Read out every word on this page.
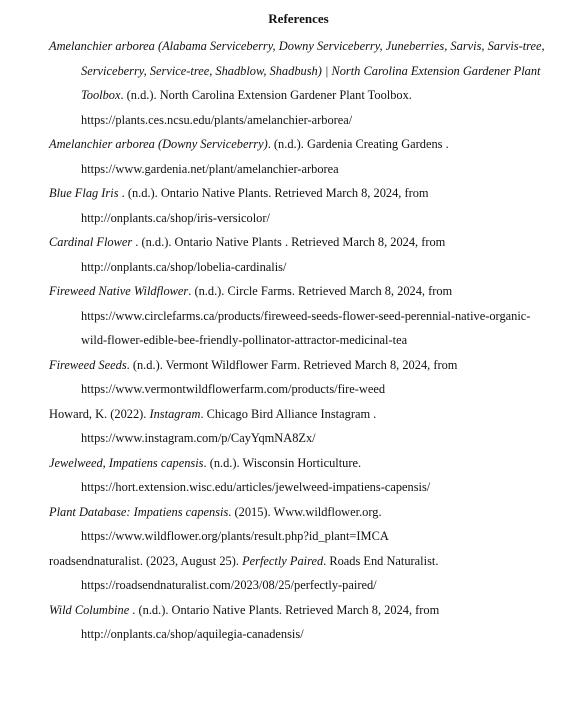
References
Amelanchier arborea (Alabama Serviceberry, Downy Serviceberry, Juneberries, Sarvis, Sarvis-tree, Serviceberry, Service-tree, Shadblow, Shadbush) | North Carolina Extension Gardener Plant Toolbox. (n.d.). North Carolina Extension Gardener Plant Toolbox. https://plants.ces.ncsu.edu/plants/amelanchier-arborea/
Amelanchier arborea (Downy Serviceberry). (n.d.). Gardenia Creating Gardens . https://www.gardenia.net/plant/amelanchier-arborea
Blue Flag Iris . (n.d.). Ontario Native Plants. Retrieved March 8, 2024, from http://onplants.ca/shop/iris-versicolor/
Cardinal Flower . (n.d.). Ontario Native Plants . Retrieved March 8, 2024, from http://onplants.ca/shop/lobelia-cardinalis/
Fireweed Native Wildflower. (n.d.). Circle Farms. Retrieved March 8, 2024, from https://www.circlefarms.ca/products/fireweed-seeds-flower-seed-perennial-native-organic-wild-flower-edible-bee-friendly-pollinator-attractor-medicinal-tea
Fireweed Seeds. (n.d.). Vermont Wildflower Farm. Retrieved March 8, 2024, from https://www.vermontwildflowerfarm.com/products/fire-weed
Howard, K. (2022). Instagram. Chicago Bird Alliance Instagram . https://www.instagram.com/p/CayYqmNA8Zx/
Jewelweed, Impatiens capensis. (n.d.). Wisconsin Horticulture. https://hort.extension.wisc.edu/articles/jewelweed-impatiens-capensis/
Plant Database: Impatiens capensis. (2015). Www.wildflower.org. https://www.wildflower.org/plants/result.php?id_plant=IMCA
roadsendnaturalist. (2023, August 25). Perfectly Paired. Roads End Naturalist. https://roadsendnaturalist.com/2023/08/25/perfectly-paired/
Wild Columbine . (n.d.). Ontario Native Plants. Retrieved March 8, 2024, from http://onplants.ca/shop/aquilegia-canadensis/
